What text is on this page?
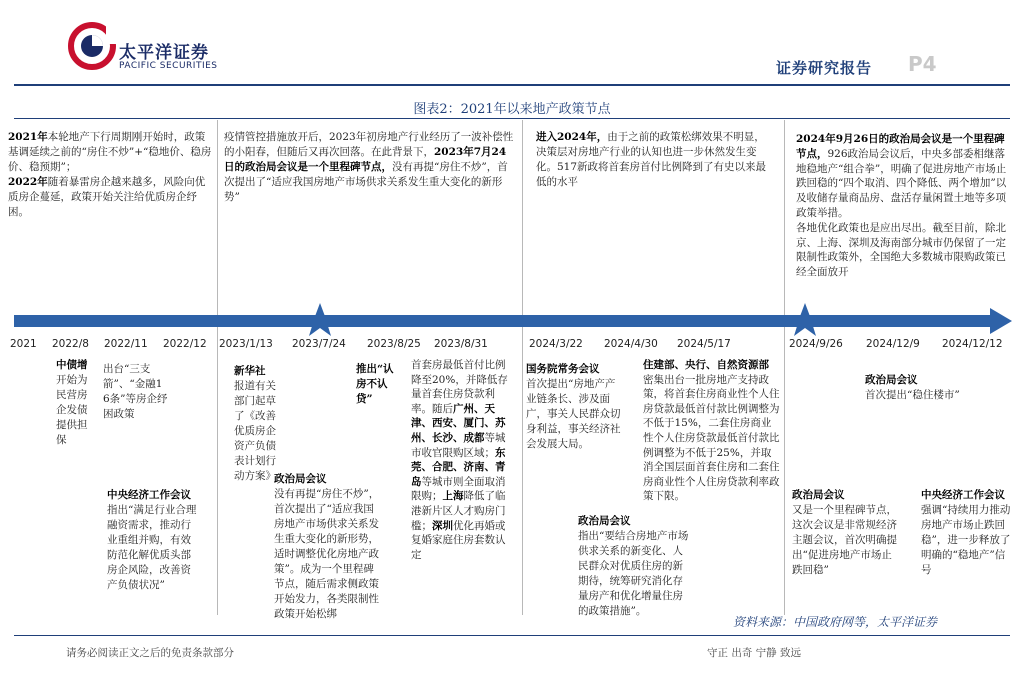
太平洋证券
PACIFIC SECURITIES	证券研究报告 P4
图表2：2021年以来地产政策节点
2021年本轮地产下行周期刚开始时，政策基调延续之前的“房住不炒”+“稳地价、稳房价、稳预期”；
2022年随着暴雷房企越来越多，风险向优质房企蔓延，政策开始关注给优质房企纾困。
疫情管控措施放开后，2023年初房地产行业经历了一波补偿性的小阳春，但随后又再次回落。在此背景下，2023年7月24日的政治局会议是一个里程碑节点，没有再提“房住不炒”，首次提出了“适应我国房地产市场供求关系发生重大变化的新形势”
进入2024年，由于之前的政策松绑效果不明显，决策层对房地产行业的认知也进一步休然发生变化。517新政将首套房首付比例降到了有史以来最低的水平
2024年9月26日的政治局会议是一个里程碑节点，926政治局会议后，中央多部委相继落地稳地产“组合拳”，明确了促进房地产市场止跌回稳的“四个取消、四个降低、两个增加”以及收储存量商品房、盘活存量闲置土地等多项政策举措。
各地优化政策也是应出尽出。截至目前，除北京、上海、深圳及海南部分城市仍保留了一定限制性政策外，全国绝大多数城市限购政策已经全面放开
2021 2022/8 2022/11 2022/12 2023/1/13 2023/7/24 2023/8/25 2023/8/31	2024/3/22 2024/4/30 2024/5/17	2024/9/26 2024/12/9 2024/12/12
中债增开始为民营房企发债提供担保
出台“三支箭”、“金融16条”等房企纾困政策
中央经济工作会议
指出“满足行业合理融资需求，推动行业重组并购，有效防范化解优质头部房企风险，改善资产负债状况”
新华社
报道有关部门起草了《改善优质房企资产负债表计划行动方案》
政治局会议
没有再提“房住不炒”，首次提出了“适应我国房地产市场供求关系发生重大变化的新形势，适时调整优化房地产政策”。成为一个里程碑节点，随后需求侧政策开始发力，各类限制性政策开始松绑
推出“认房不认贷”
首套房最低首付比例降至20%，并降低存量首套住房贷款利率。随后广州、天津、西安、厦门、苏州、长沙、成都等城市收官限购区域；东莞、合肥、济南、青岛等城市则全面取消限购；上海降低了临港新片区人才购房门槛；深圳优化再婚或复婚家庭住房套数认定
国务院常务会议
首次提出“房地产产业链条长、涉及面广，事关人民群众切身利益，事关经济社会发展大局。
政治局会议
指出“要结合房地产市场供求关系的新变化、人民群众对优质住房的新期待，统筹研究消化存量房产和优化增量住房的政策措施”。
住建部、央行、自然资源部
密集出台一批房地产支持政策，将首套住房商业性个人住房贷款最低首付款比例调整为不低于15%，二套住房商业性个人住房贷款最低首付款比例调整为不低于25%，并取消全国层面首套住房和二套住房商业性个人住房贷款利率政策下限。
政治局会议
首次提出“稳住楼市”
政治局会议
又是一个里程碑节点，这次会议是非常规经济主题会议，首次明确提出“促进房地产市场止跌回稳”
中央经济工作会议
强调“持续用力推动房地产市场止跌回稳”，进一步释放了明确的“稳地产”信号
资料来源：中国政府网等，太平洋证券
请务必阅读正文之后的免责条款部分	守正 出奇 宁静 致远
